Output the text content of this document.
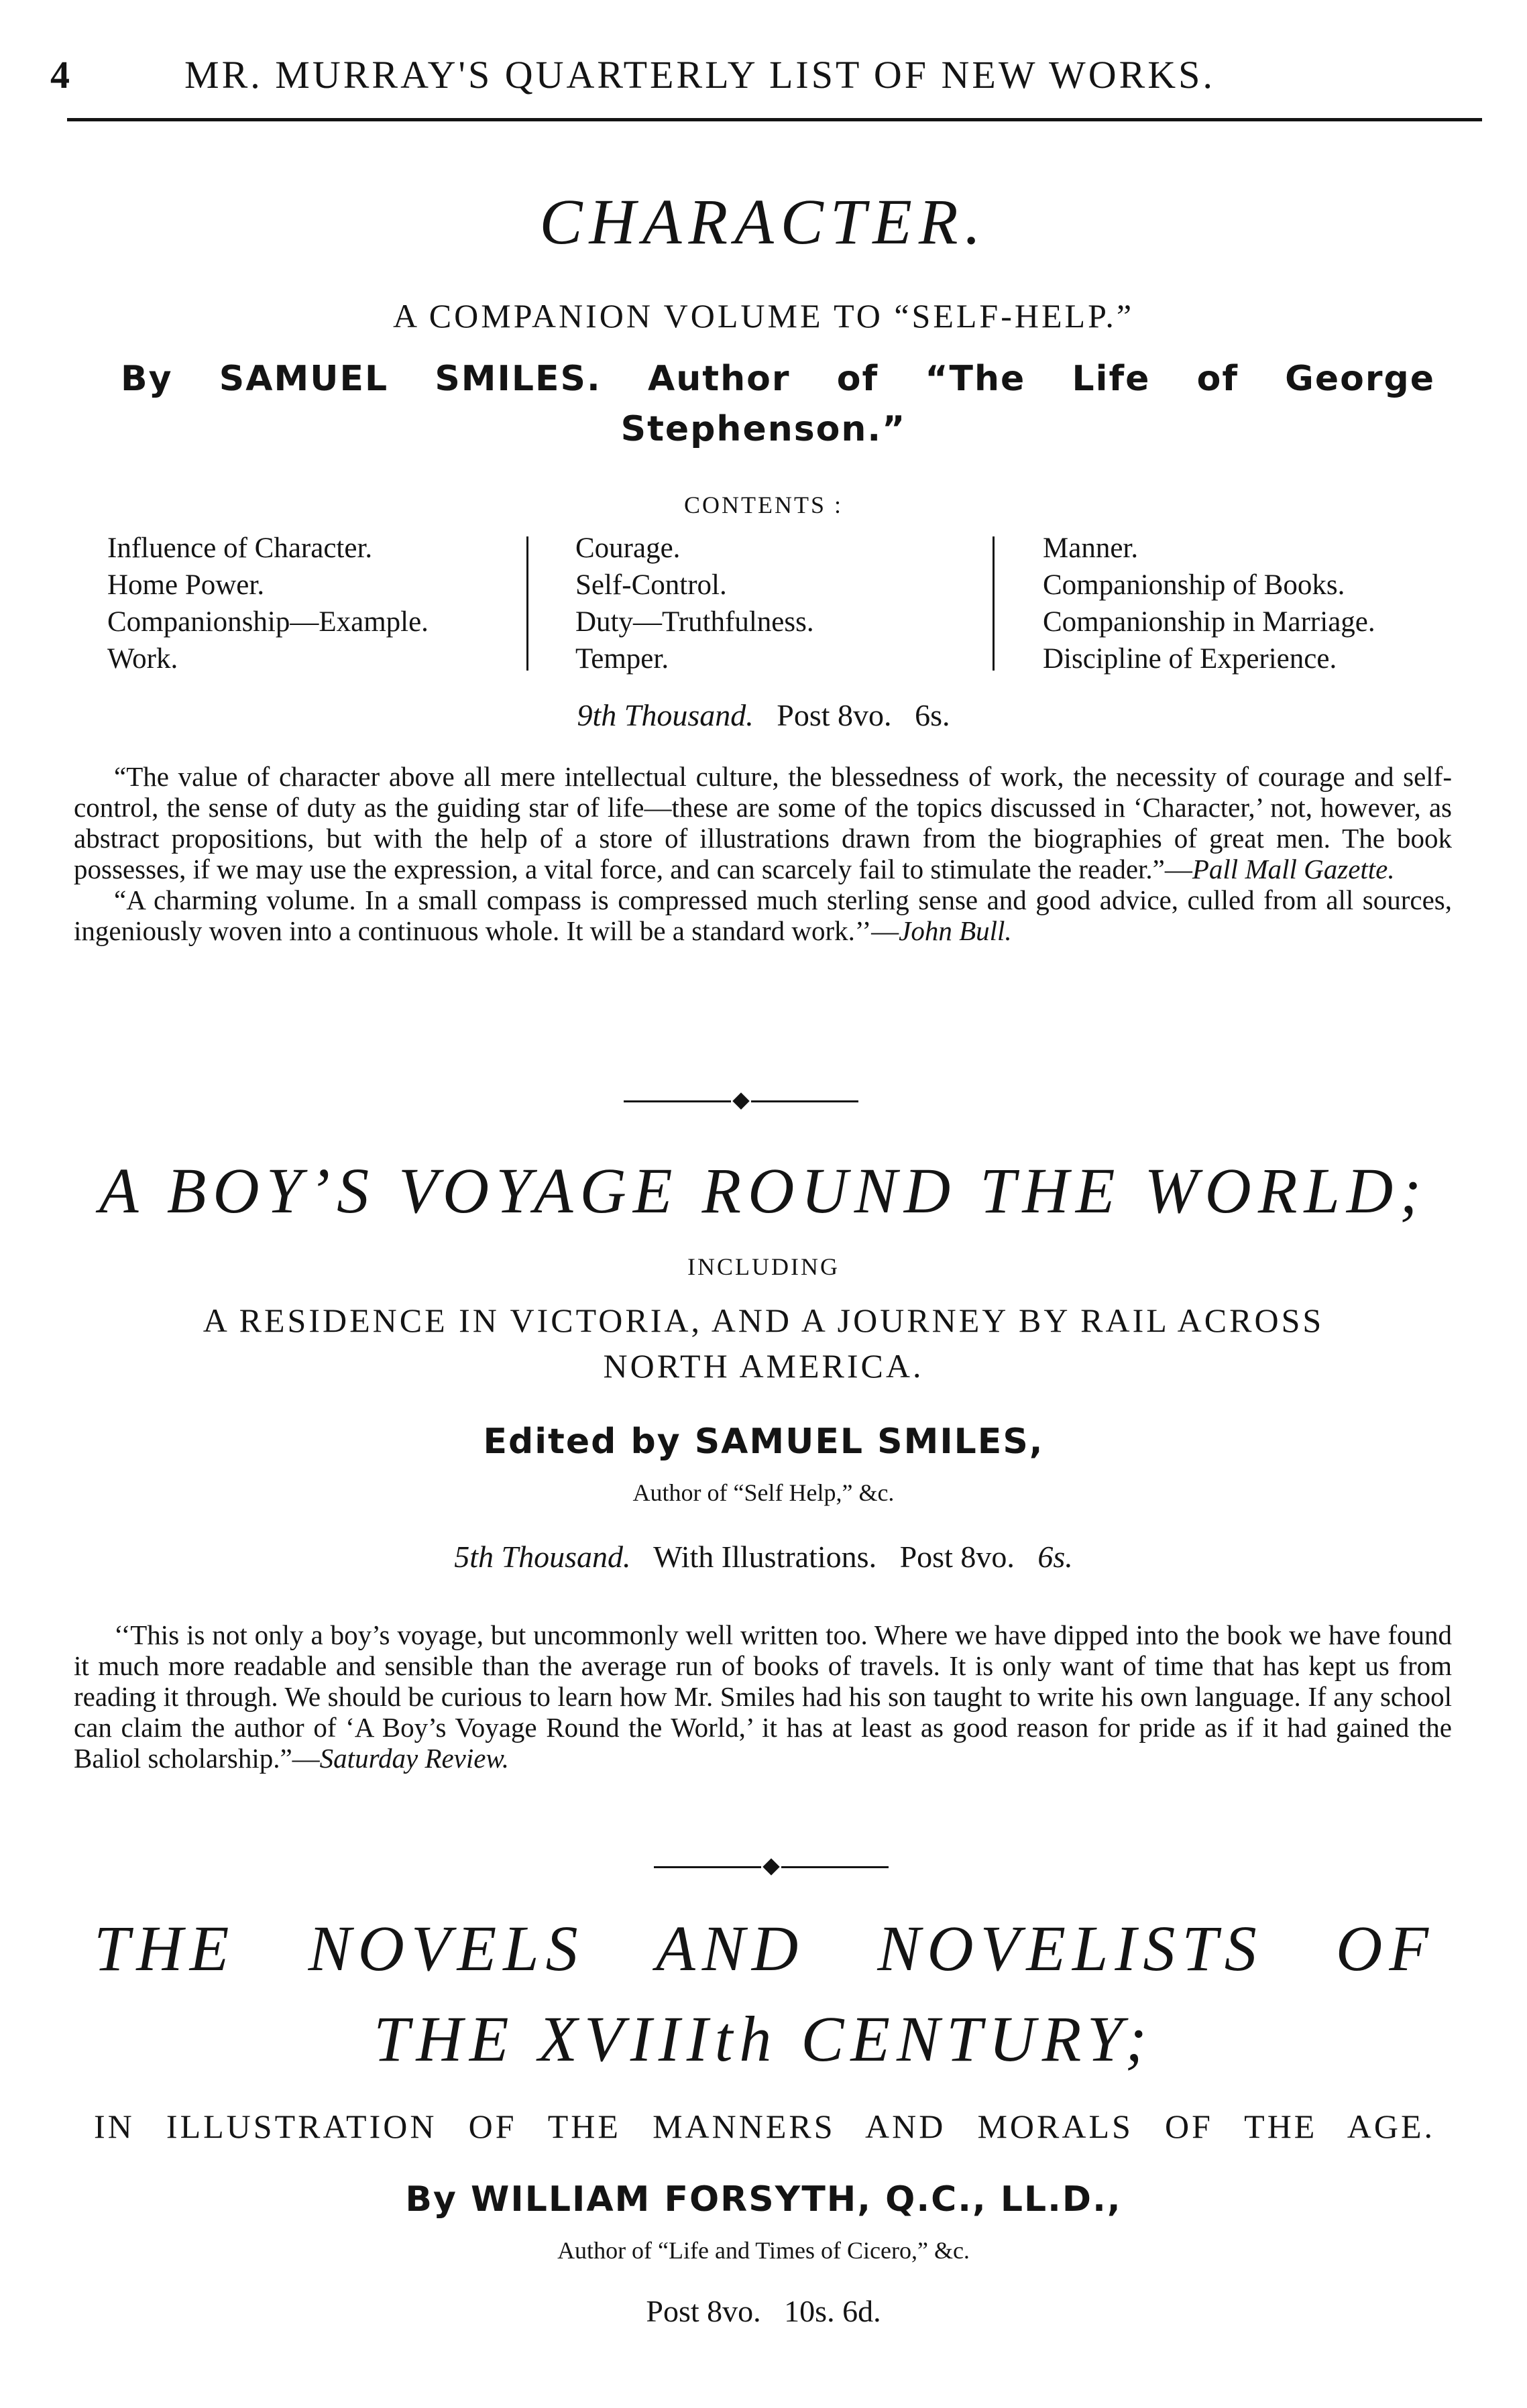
4	MR. MURRAY'S QUARTERLY LIST OF NEW WORKS.
CHARACTER.
A COMPANION VOLUME TO “SELF-HELP.”
By SAMUEL SMILES. Author of “The Life of George
Stephenson.”
CONTENTS :
Influence of Character.
Home Power.
Companionship—Example.
Work.
Courage.
Self-Control.
Duty—Truthfulness.
Temper.
Manner.
Companionship of Books.
Companionship in Marriage.
Discipline of Experience.
9th Thousand. Post 8vo. 6s.

“The value of character above all mere intellectual culture, the blessedness of work, the necessity of courage and self-control, the sense of duty as the guiding star of life—these are some of the topics discussed in ‘Character,’ not, however, as abstract propositions, but with the help of a store of illustrations drawn from the biographies of great men. The book possesses, if we may use the expression, a vital force, and can scarcely fail to stimulate the reader.”—Pall Mall Gazette.

“A charming volume. In a small compass is compressed much sterling sense and good advice, culled from all sources, ingeniously woven into a continuous whole. It will be a standard work.’’—John Bull.

A BOY’S VOYAGE ROUND THE WORLD;
INCLUDING
A RESIDENCE IN VICTORIA, AND A JOURNEY BY RAIL ACROSS
NORTH AMERICA.
Edited by SAMUEL SMILES,
Author of “Self Help,” &c.
5th Thousand. With Illustrations. Post 8vo. 6s.

‘‘This is not only a boy’s voyage, but uncommonly well written too. Where we have dipped into the book we have found it much more readable and sensible than the average run of books of travels. It is only want of time that has kept us from reading it through. We should be curious to learn how Mr. Smiles had his son taught to write his own language. If any school can claim the author of ‘A Boy’s Voyage Round the World,’ it has at least as good reason for pride as if it had gained the Baliol scholarship.”—Saturday Review.

THE NOVELS AND NOVELISTS OF
THE XVIIIth CENTURY;
IN ILLUSTRATION OF THE MANNERS AND MORALS OF THE AGE.
By WILLIAM FORSYTH, Q.C., LL.D.,
Author of “Life and Times of Cicero,” &c.
Post 8vo. 10s. 6d.
